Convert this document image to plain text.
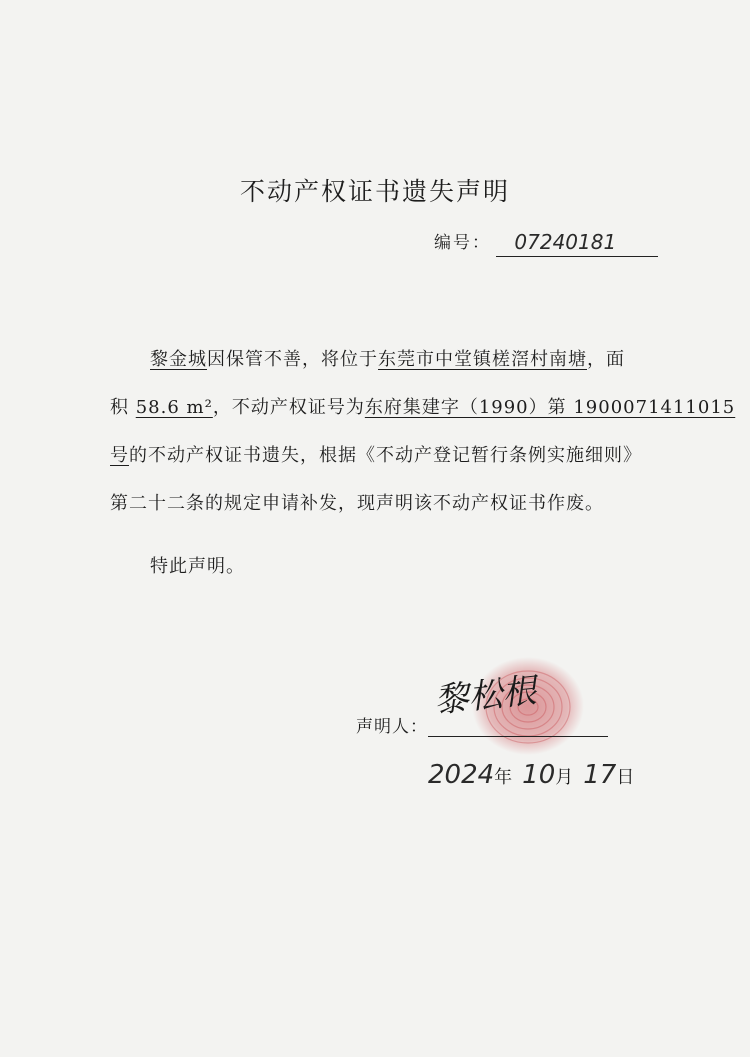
不动产权证书遗失声明
编号： 07240181
黎金城因保管不善，将位于东莞市中堂镇槎滘村南塘，面
积 58.6 m²，不动产权证号为东府集建字（1990）第 1900071411015
号的不动产权证书遗失，根据《不动产登记暂行条例实施细则》
第二十二条的规定申请补发，现声明该不动产权证书作废。
特此声明。
黎松根
声明人：
2024年 10月 17日
